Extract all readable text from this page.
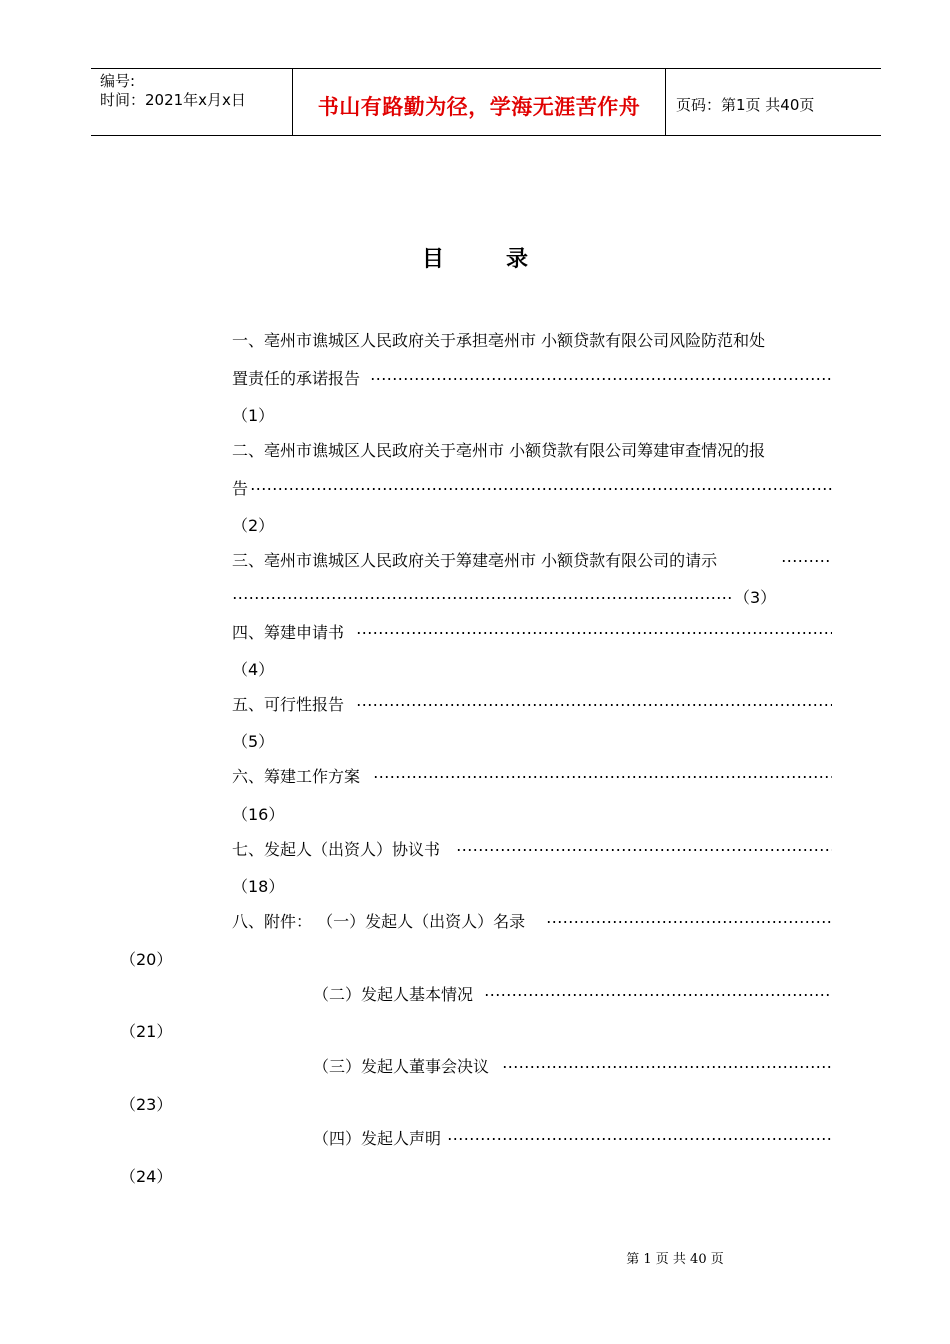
编号:
时间：2021年x月x日	书山有路勤为径，学海无涯苦作舟	页码：第1页 共40页
目	录
一、亳州市谯城区人民政府关于承担亳州市 小额贷款有限公司风险防范和处
置责任的承诺报告
（1）
二、亳州市谯城区人民政府关于亳州市 小额贷款有限公司筹建审查情况的报
告
（2）
三、亳州市谯城区人民政府关于筹建亳州市 小额贷款有限公司的请示
（3）
四、筹建申请书
（4）
五、可行性报告
（5）
六、筹建工作方案
（16）
七、发起人（出资人）协议书
（18）
八、附件： （一）发起人（出资人）名录
（20）
（二）发起人基本情况
（21）
（三）发起人董事会决议
（23）
（四）发起人声明
（24）
第 1 页 共 40 页
